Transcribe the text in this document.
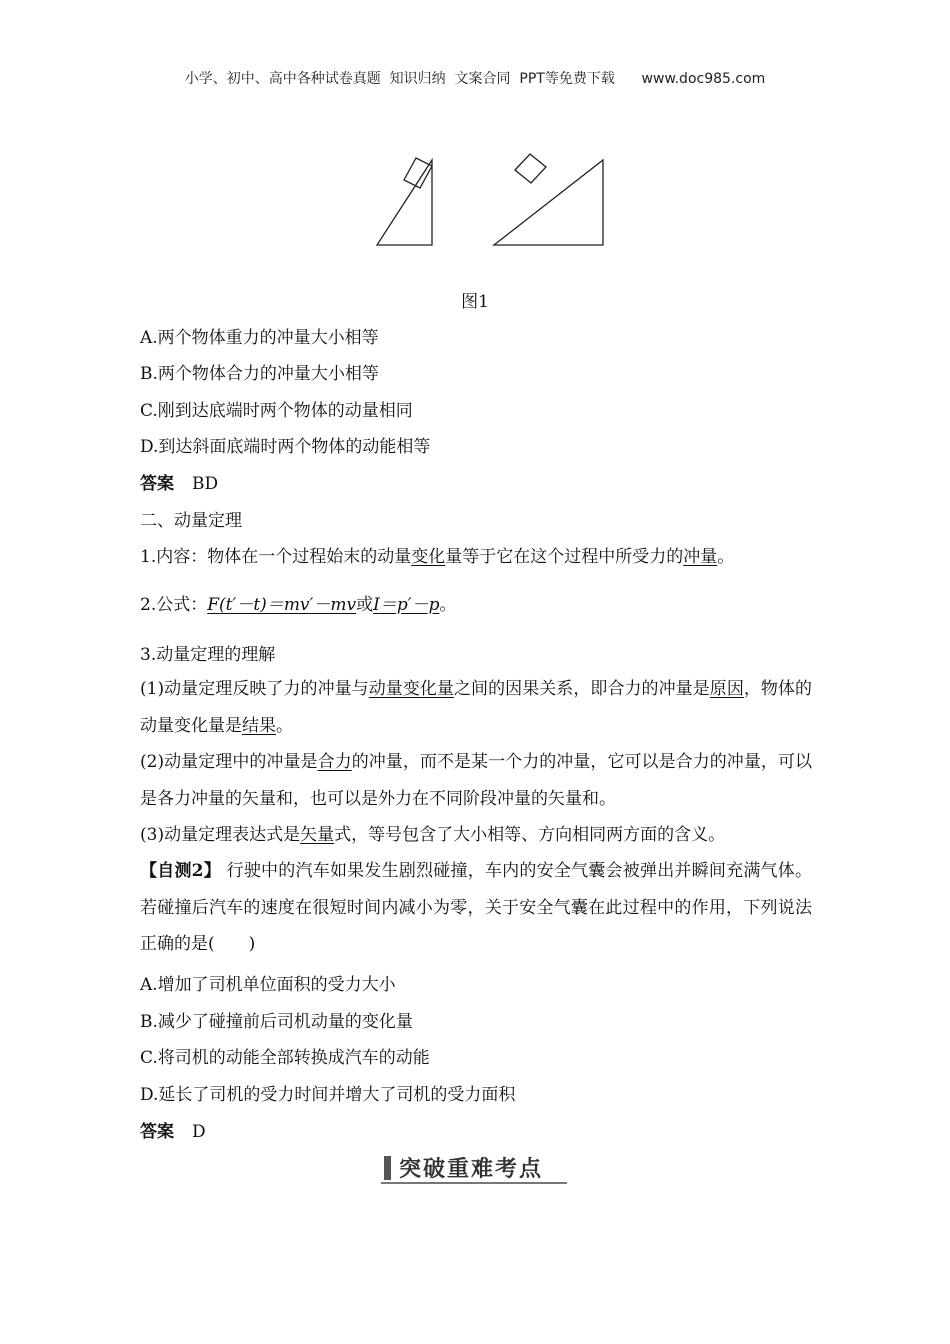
小学、初中、高中各种试卷真题  知识归纳  文案合同  PPT等免费下载      www.doc985.com
图1
A.两个物体重力的冲量大小相等
B.两个物体合力的冲量大小相等
C.刚到达底端时两个物体的动量相同
D.到达斜面底端时两个物体的动能相等
答案 BD
二、动量定理
1.内容：物体在一个过程始末的动量变化量等于它在这个过程中所受力的冲量。
2.公式：F(t′－t)＝mv′－mv或I＝p′－p。
3.动量定理的理解
(1)动量定理反映了力的冲量与动量变化量之间的因果关系，即合力的冲量是原因，物体的动量变化量是结果。
(2)动量定理中的冲量是合力的冲量，而不是某一个力的冲量，它可以是合力的冲量，可以是各力冲量的矢量和，也可以是外力在不同阶段冲量的矢量和。
(3)动量定理表达式是矢量式，等号包含了大小相等、方向相同两方面的含义。
【自测2】 行驶中的汽车如果发生剧烈碰撞，车内的安全气囊会被弹出并瞬间充满气体。若碰撞后汽车的速度在很短时间内减小为零，关于安全气囊在此过程中的作用，下列说法正确的是(　　)
A.增加了司机单位面积的受力大小
B.减少了碰撞前后司机动量的变化量
C.将司机的动能全部转换成汽车的动能
D.延长了司机的受力时间并增大了司机的受力面积
答案 D
突破重难考点
